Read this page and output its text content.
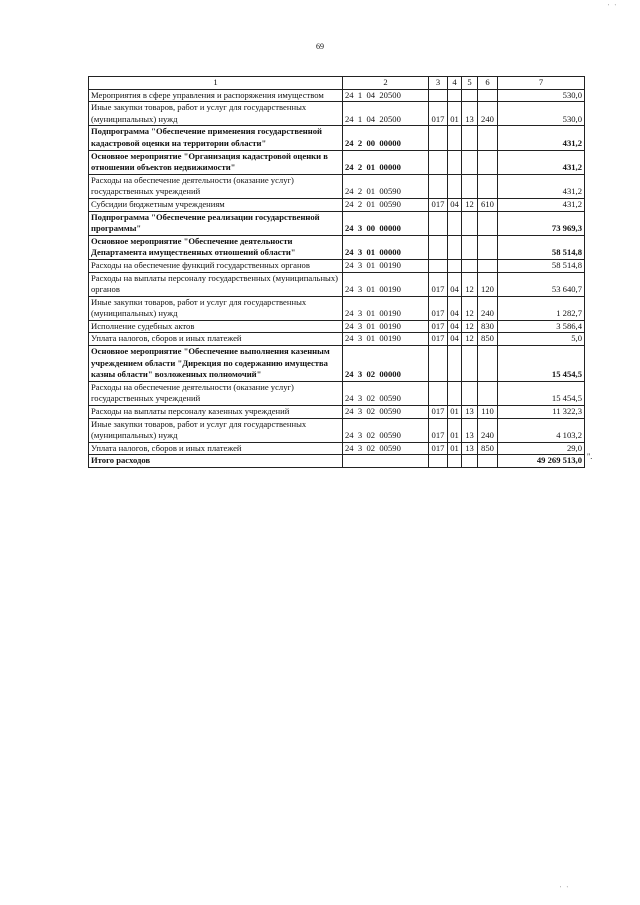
' '
69
1	2	3	4	5	6	7
Мероприятия в сфере управления и распоряжения имуществом	24  1  04  20500					530,0
Иные закупки товаров, работ и услуг для государственных (муниципальных) нужд	24  1  04  20500	017	01	13	240	530,0
Подпрограмма "Обеспечение применения государственной кадастровой оценки на территории области"	24  2  00  00000					431,2
Основное мероприятие "Организация кадастровой оценки в отношении объектов недвижимости"	24  2  01  00000					431,2
Расходы на обеспечение деятельности (оказание услуг) государственных учреждений	24  2  01  00590					431,2
Субсидии бюджетным учреждениям	24  2  01  00590	017	04	12	610	431,2
Подпрограмма "Обеспечение реализации государственной программы"	24  3  00  00000					73 969,3
Основное мероприятие "Обеспечение деятельности Департамента имущественных отношений области"	24  3  01  00000					58 514,8
Расходы на обеспечение функций государственных органов	24  3  01  00190					58 514,8
Расходы на выплаты персоналу государственных (муниципальных) органов	24  3  01  00190	017	04	12	120	53 640,7
Иные закупки товаров, работ и услуг для государственных (муниципальных) нужд	24  3  01  00190	017	04	12	240	1 282,7
Исполнение судебных актов	24  3  01  00190	017	04	12	830	3 586,4
Уплата налогов, сборов и иных платежей	24  3  01  00190	017	04	12	850	5,0
Основное мероприятие "Обеспечение выполнения казенным учреждением области "Дирекция по содержанию имущества казны области" возложенных полномочий"	24  3  02  00000					15 454,5
Расходы на обеспечение деятельности (оказание услуг) государственных учреждений	24  3  02  00590					15 454,5
Расходы на выплаты персоналу казенных учреждений	24  3  02  00590	017	01	13	110	11 322,3
Иные закупки товаров, работ и услуг для государственных (муниципальных) нужд	24  3  02  00590	017	01	13	240	4 103,2
Уплата налогов, сборов и иных платежей	24  3  02  00590	017	01	13	850	29,0
Итого расходов						49 269 513,0 ".
' '
